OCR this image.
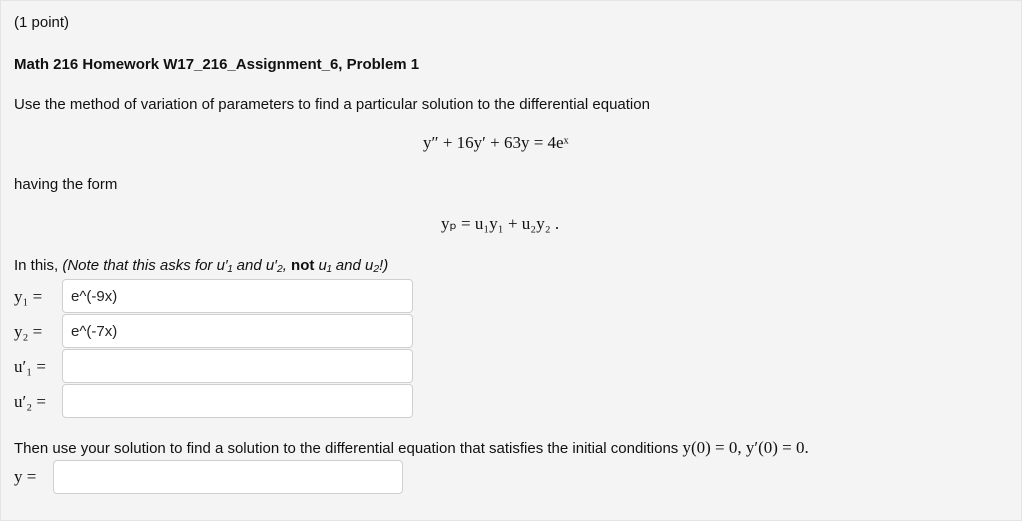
(1 point)
Math 216 Homework W17_216_Assignment_6, Problem 1
Use the method of variation of parameters to find a particular solution to the differential equation
y″ + 16y′ + 63y = 4eˣ
having the form
yₚ = u₁y₁ + u₂y₂ .
In this, (Note that this asks for u′₁ and u′₂, not u₁ and u₂!)
y₁ =
e^(-9x)
y₂ =
e^(-7x)
u′₁ =
u′₂ =
Then use your solution to find a solution to the differential equation that satisfies the initial conditions y(0) = 0, y′(0) = 0.
y =
